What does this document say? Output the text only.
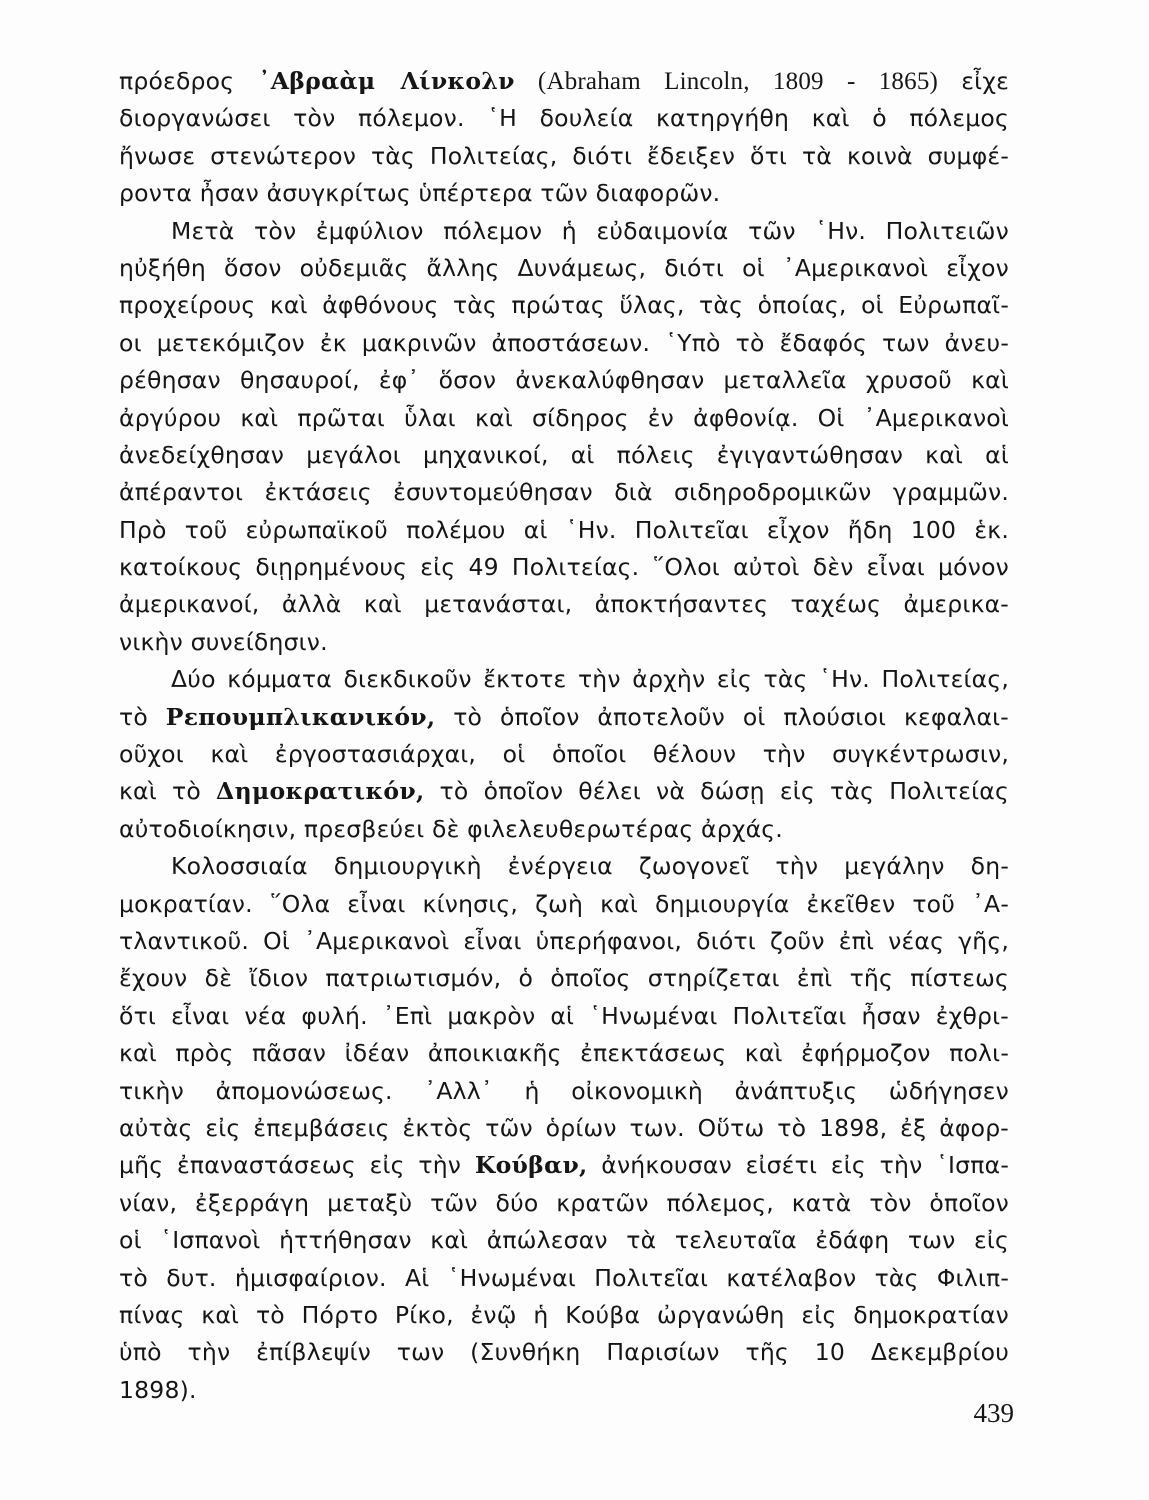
πρόεδρος ᾿Αβραὰμ Λίνκολν (Abraham Lincoln, 1809 - 1865) εἶχε
διοργανώσει τὸν πόλεμον. ῾Η δουλεία κατηργήθη καὶ ὁ πόλεμος
ἤνωσε στενώτερον τὰς Πολιτείας, διότι ἔδειξεν ὅτι τὰ κοινὰ συμφέ-
ροντα ἦσαν ἀσυγκρίτως ὑπέρτερα τῶν διαφορῶν.
Μετὰ τὸν ἐμφύλιον πόλεμον ἡ εὐδαιμονία τῶν ῾Ην. Πολιτειῶν
ηὐξήθη ὅσον οὐδεμιᾶς ἄλλης Δυνάμεως, διότι οἱ ᾿Αμερικανοὶ εἶχον
προχείρους καὶ ἀφθόνους τὰς πρώτας ὕλας, τὰς ὁποίας, οἱ Εὐρωπαῖ-
οι μετεκόμιζον ἐκ μακρινῶν ἀποστάσεων. ῾Υπὸ τὸ ἔδαφός των ἀνευ-
ρέθησαν θησαυροί, ἐφ᾿ ὅσον ἀνεκαλύφθησαν μεταλλεῖα χρυσοῦ καὶ
ἀργύρου καὶ πρῶται ὗλαι καὶ σίδηρος ἐν ἀφθονίᾳ. Οἱ ᾿Αμερικανοὶ
ἀνεδείχθησαν μεγάλοι μηχανικοί, αἱ πόλεις ἐγιγαντώθησαν καὶ αἱ
ἀπέραντοι ἐκτάσεις ἐσυντομεύθησαν διὰ σιδηροδρομικῶν γραμμῶν.
Πρὸ τοῦ εὐρωπαϊκοῦ πολέμου αἱ ῾Ην. Πολιτεῖαι εἶχον ἤδη 100 ἑκ.
κατοίκους διῃρημένους εἰς 49 Πολιτείας. ῞Ολοι αὐτοὶ δὲν εἶναι μόνον
ἀμερικανοί, ἀλλὰ καὶ μετανάσται, ἀποκτήσαντες ταχέως ἀμερικα-
νικὴν συνείδησιν.
Δύο κόμματα διεκδικοῦν ἔκτοτε τὴν ἀρχὴν εἰς τὰς ῾Ην. Πολιτείας,
τὸ Ρεπουμπλικανικόν, τὸ ὁποῖον ἀποτελοῦν οἱ πλούσιοι κεφαλαι-
οῦχοι καὶ ἐργοστασιάρχαι, οἱ ὁποῖοι θέλουν τὴν συγκέντρωσιν,
καὶ τὸ Δημοκρατικόν, τὸ ὁποῖον θέλει νὰ δώσῃ εἰς τὰς Πολιτείας
αὐτοδιοίκησιν, πρεσβεύει δὲ φιλελευθερωτέρας ἀρχάς.
Κολοσσιαία δημιουργικὴ ἐνέργεια ζωογονεῖ τὴν μεγάλην δη-
μοκρατίαν. ῞Ολα εἶναι κίνησις, ζωὴ καὶ δημιουργία ἐκεῖθεν τοῦ ᾿Α-
τλαντικοῦ. Οἱ ᾿Αμερικανοὶ εἶναι ὑπερήφανοι, διότι ζοῦν ἐπὶ νέας γῆς,
ἔχουν δὲ ἴδιον πατριωτισμόν, ὁ ὁποῖος στηρίζεται ἐπὶ τῆς πίστεως
ὅτι εἶναι νέα φυλή. ᾿Επὶ μακρὸν αἱ ῾Ηνωμέναι Πολιτεῖαι ἦσαν ἐχθρι-
καὶ πρὸς πᾶσαν ἰδέαν ἀποικιακῆς ἐπεκτάσεως καὶ ἐφήρμοζον πολι-
τικὴν ἀπομονώσεως. ᾿Αλλ᾿ ἡ οἰκονομικὴ ἀνάπτυξις ὡδήγησεν
αὐτὰς εἰς ἐπεμβάσεις ἐκτὸς τῶν ὁρίων των. Οὕτω τὸ 1898, ἐξ ἀφορ-
μῆς ἐπαναστάσεως εἰς τὴν Κούβαν, ἀνήκουσαν εἰσέτι εἰς τὴν ῾Ισπα-
νίαν, ἐξερράγη μεταξὺ τῶν δύο κρατῶν πόλεμος, κατὰ τὸν ὁποῖον
οἱ ῾Ισπανοὶ ἡττήθησαν καὶ ἀπώλεσαν τὰ τελευταῖα ἐδάφη των εἰς
τὸ δυτ. ἡμισφαίριον. Αἱ ῾Ηνωμέναι Πολιτεῖαι κατέλαβον τὰς Φιλιπ-
πίνας καὶ τὸ Πόρτο Ρίκο, ἐνῷ ἡ Κούβα ὠργανώθη εἰς δημοκρατίαν
ὑπὸ τὴν ἐπίβλεψίν των (Συνθήκη Παρισίων τῆς 10 Δεκεμβρίου
1898).
439
